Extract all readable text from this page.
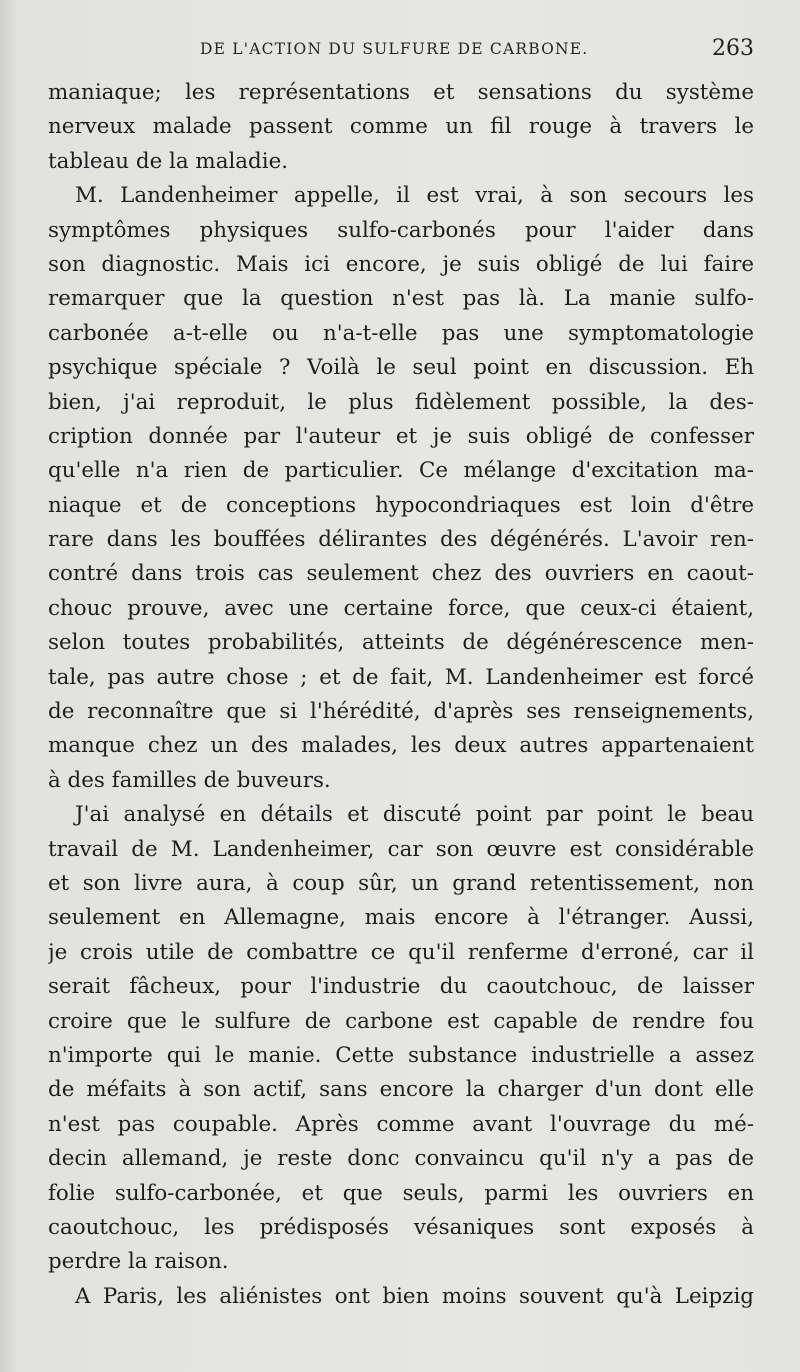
DE L'ACTION DU SULFURE DE CARBONE.	263
maniaque; les représentations et sensations du système
nerveux malade passent comme un fil rouge à travers le
tableau de la maladie.
M. Landenheimer appelle, il est vrai, à son secours les
symptômes physiques sulfo-carbonés pour l'aider dans
son diagnostic. Mais ici encore, je suis obligé de lui faire
remarquer que la question n'est pas là. La manie sulfo-
carbonée a-t-elle ou n'a-t-elle pas une symptomatologie
psychique spéciale ? Voilà le seul point en discussion. Eh
bien, j'ai reproduit, le plus fidèlement possible, la des-
cription donnée par l'auteur et je suis obligé de confesser
qu'elle n'a rien de particulier. Ce mélange d'excitation ma-
niaque et de conceptions hypocondriaques est loin d'être
rare dans les bouffées délirantes des dégénérés. L'avoir ren-
contré dans trois cas seulement chez des ouvriers en caout-
chouc prouve, avec une certaine force, que ceux-ci étaient,
selon toutes probabilités, atteints de dégénérescence men-
tale, pas autre chose ; et de fait, M. Landenheimer est forcé
de reconnaître que si l'hérédité, d'après ses renseignements,
manque chez un des malades, les deux autres appartenaient
à des familles de buveurs.
J'ai analysé en détails et discuté point par point le beau
travail de M. Landenheimer, car son œuvre est considérable
et son livre aura, à coup sûr, un grand retentissement, non
seulement en Allemagne, mais encore à l'étranger. Aussi,
je crois utile de combattre ce qu'il renferme d'erroné, car il
serait fâcheux, pour l'industrie du caoutchouc, de laisser
croire que le sulfure de carbone est capable de rendre fou
n'importe qui le manie. Cette substance industrielle a assez
de méfaits à son actif, sans encore la charger d'un dont elle
n'est pas coupable. Après comme avant l'ouvrage du mé-
decin allemand, je reste donc convaincu qu'il n'y a pas de
folie sulfo-carbonée, et que seuls, parmi les ouvriers en
caoutchouc, les prédisposés vésaniques sont exposés à
perdre la raison.
A Paris, les aliénistes ont bien moins souvent qu'à Leipzig
